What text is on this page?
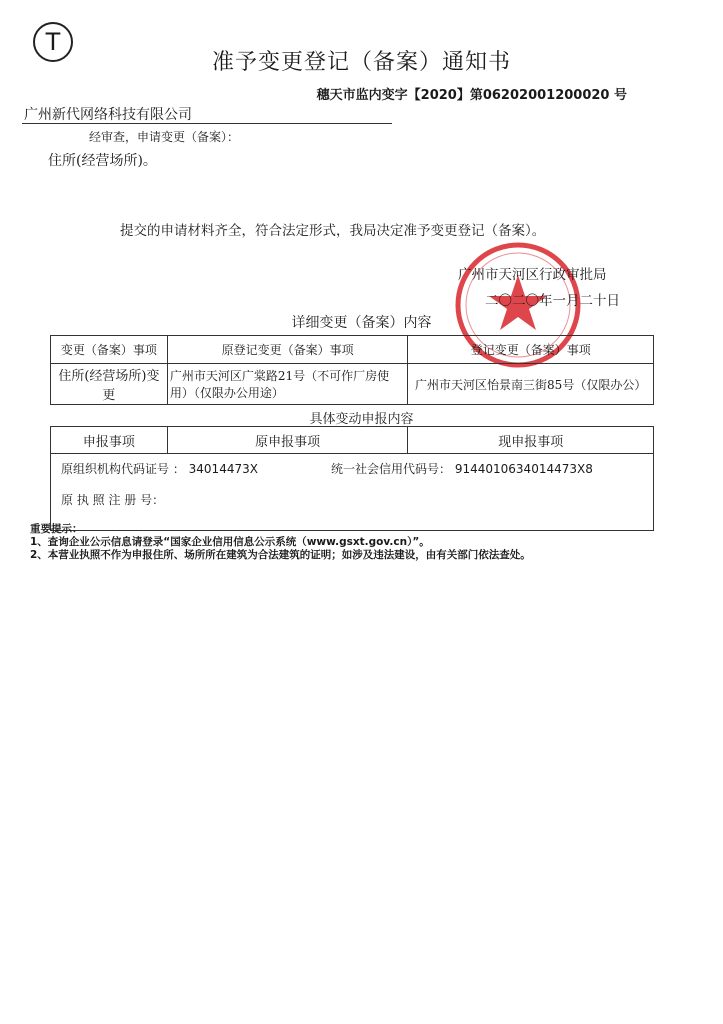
T
准予变更登记（备案）通知书
穗天市监内变字【2020】第06202001200020 号
广州新代网络科技有限公司
经审查，申请变更（备案）：
住所(经营场所)。
提交的申请材料齐全，符合法定形式，我局决定准予变更登记（备案）。
广州市天河区行政审批局
二〇二〇年一月二十日
详细变更（备案）内容
变更（备案）事项	原登记变更（备案）事项	登记变更（备案）事项
住所(经营场所)变更	广州市天河区广棠路21号（不可作厂房使用）（仅限办公用途）	广州市天河区怡景南三街85号（仅限办公）
具体变动申报内容
申报事项	原申报事项	现申报事项

原组织机构代码证号 ： 34014473X	统一社会信用代码号： 9144010634014473X8
原 执 照 注 册 号：
重要提示：
1、查询企业公示信息请登录“国家企业信用信息公示系统（www.gsxt.gov.cn）”。
2、本营业执照不作为申报住所、场所所在建筑为合法建筑的证明；如涉及违法建设，由有关部门依法查处。
